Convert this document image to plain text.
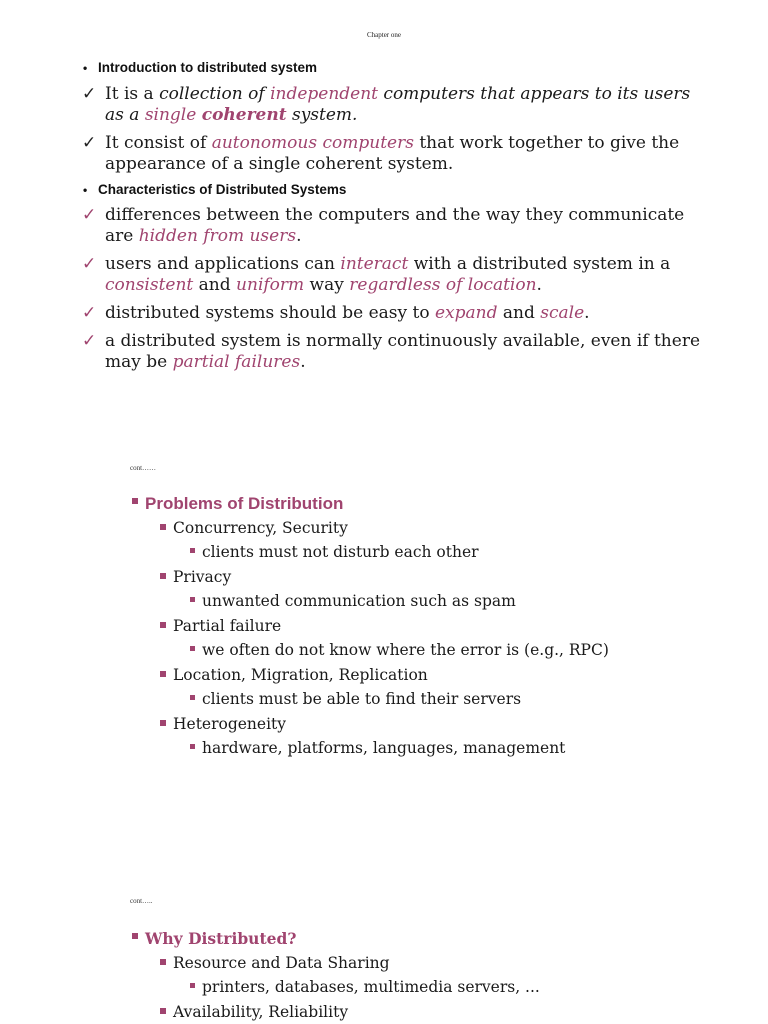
Chapter one
• Introduction to distributed system
✓ It is a collection of independent computers that appears to its users as a single coherent system.
✓ It consist of autonomous computers that work together to give the appearance of a single coherent system.
• Characteristics of Distributed Systems
✓ differences between the computers and the way they communicate are hidden from users.
✓ users and applications can interact with a distributed system in a consistent and uniform way regardless of location.
✓ distributed systems should be easy to expand and scale.
✓ a distributed system is normally continuously available, even if there may be partial failures.
cont……
Problems of Distribution
Concurrency, Security
clients must not disturb each other
Privacy
unwanted communication such as spam
Partial failure
we often do not know where the error is (e.g., RPC)
Location, Migration, Replication
clients must be able to find their servers
Heterogeneity
hardware, platforms, languages, management
cont…..
Why Distributed?
Resource and Data Sharing
printers, databases, multimedia servers, ...
Availability, Reliability
